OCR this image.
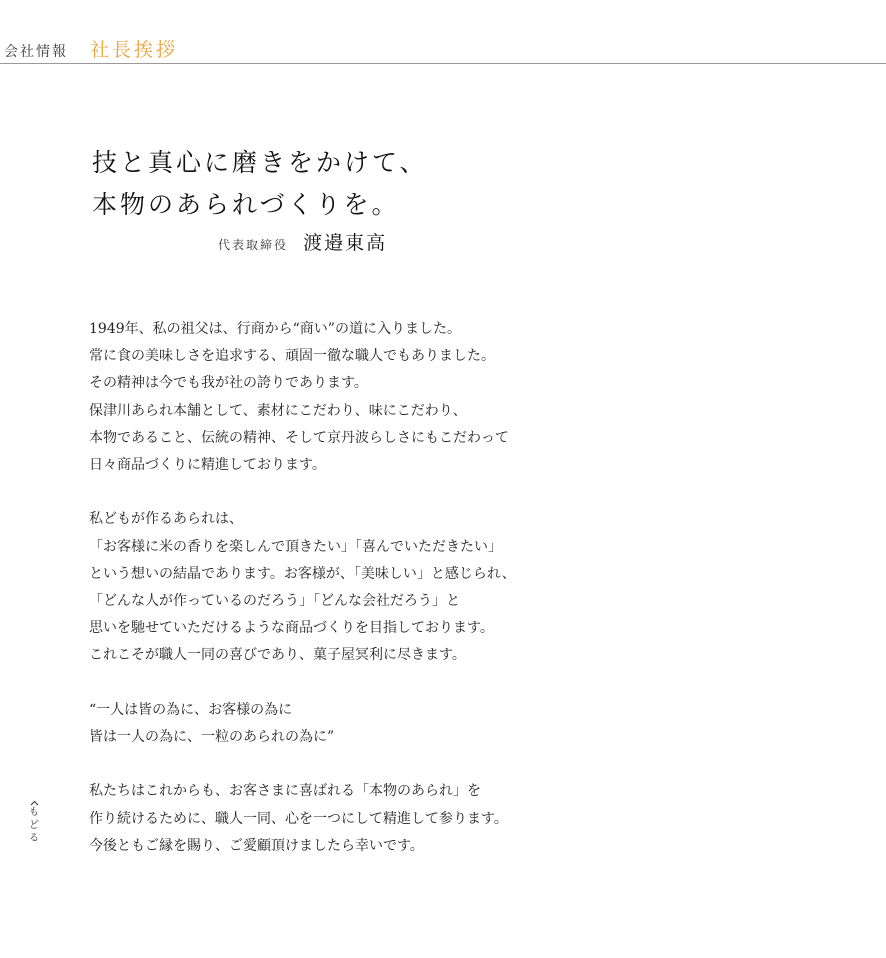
会社情報 社長挨拶
技と真心に磨きをかけて、
本物のあられづくりを。
代表取締役 渡邉東高

1949年、私の祖父は、行商から“商い”の道に入りました。
常に食の美味しさを追求する、頑固一徹な職人でもありました。
その精神は今でも我が社の誇りであります。
保津川あられ本舗として、素材にこだわり、味にこだわり、
本物であること、伝統の精神、そして京丹波らしさにもこだわって
日々商品づくりに精進しております。

私どもが作るあられは、
「お客様に米の香りを楽しんで頂きたい」「喜んでいただきたい」
という想いの結晶であります。お客様が、「美味しい」と感じられ、
「どんな人が作っているのだろう」「どんな会社だろう」と
思いを馳せていただけるような商品づくりを目指しております。
これこそが職人一同の喜びであり、菓子屋冥利に尽きます。

“一人は皆の為に、お客様の為に
皆は一人の為に、一粒のあられの為に”

私たちはこれからも、お客さまに喜ばれる「本物のあられ」を
作り続けるために、職人一同、心を一つにして精進して参ります。
今後ともご縁を賜り、ご愛顧頂けましたら幸いです。

も
ど
る
